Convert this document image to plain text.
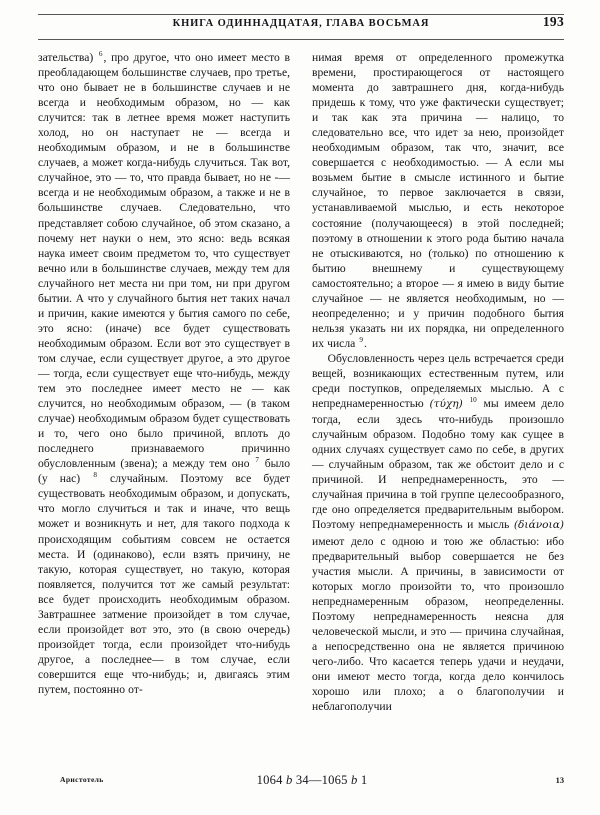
КНИГА ОДИННАДЦАТАЯ, ГЛАВА ВОСЬМАЯ	193

зательства) $^6$, про другое, что оно имеет место в преобладающем большинстве случаев, про третье, что оно бывает не в большинстве случаев и не всегда и необходимым образом, но — как случится: так в летнее время может наступить холод, но он наступает не — всегда и необходимым образом, и не в большинстве случаев, а может когда-нибудь случиться. Так вот, случайное, это — то, что правда бывает, но не -— всегда и не необходимым образом, а также и не в большинстве случаев. Следовательно, что представляет собою случайное, об этом сказано, а почему нет науки о нем, это ясно: ведь всякая наука имеет своим предметом то, что существует вечно или в большинстве случаев, между тем для случайного нет места ни при том, ни при другом бытии. А что у случайного бытия нет таких начал и причин, какие имеются у бытия самого по себе, это ясно: (иначе) все будет существовать необходимым образом. Если вот это существует в том случае, если существует другое, а это другое — тогда, если существует еще что-нибудь, между тем это последнее имеет место не — как случится, но необходимым образом, — (в таком случае) необходимым образом будет существовать и то, чего оно было причиной, вплоть до последнего признаваемого причинно обусловленным (звена); а между тем оно $^7$ было (у нас) $^8$ случайным. Поэтому все будет существовать необходимым образом, и допускать, что могло случиться и так и иначе, что вещь может и возникнуть и нет, для такого подхода к происходящим событиям совсем не остается места. И (одинаково), если взять причину, не такую, которая существует, но такую, которая появляется, получится тот же самый результат: все будет происходить необходимым образом. Завтрашнее затмение произойдет в том случае, если произойдет вот это, это (в свою очередь) произойдет тогда, если произойдет что-нибудь другое, а последнее— в том случае, если совершится еще что-нибудь; и, двигаясь этим путем, постоянно от-

нимая время от определенного промежутка времени, простирающегося от настоящего момента до завтрашнего дня, когда-нибудь придешь к тому, что уже фактически существует; и так как эта причина — налицо, то следовательно все, что идет за нею, произойдет необходимым образом, так что, значит, все совершается с необходимостью. — А если мы возьмем бытие в смысле истинного и бытие случайное, то первое заключается в связи, устанавливаемой мыслью, и есть некоторое состояние (получающееся) в этой последней; поэтому в отношении к этого рода бытию начала не отыскиваются, но (только) по отношению к бытию внешнему и существующему самостоятельно; а второе — я имею в виду бытие случайное — не является необходимым, но — неопределенно; и у причин подобного бытия нельзя указать ни их порядка, ни определенного их числа $^9$.

Обусловленность через цель встречается среди вещей, возникающих естественным путем, или среди поступков, определяемых мыслью. А с непреднамеренностью (τύχη) $^{10}$ мы имеем дело тогда, если здесь что-нибудь произошло случайным образом. Подобно тому как сущее в одних случаях существует само по себе, в других — случайным образом, так же обстоит дело и с причиной. И непреднамеренность, это — случайная причина в той группе целесообразного, где оно определяется предварительным выбором. Поэтому непреднамеренность и мысль (διάνοια) имеют дело с одною и тою же областью: ибо предварительный выбор совершается не без участия мысли. А причины, в зависимости от которых могло произойти то, что произошло непреднамеренным образом, неопределенны. Поэтому непреднамеренность неясна для человеческой мысли, и это — причина случайная, а непосредственно она не является причиною чего-либо. Что касается теперь удачи и неудачи, они имеют место тогда, когда дело кончилось хорошо или плохо; а о благополучии и неблагополучии

Аристотель	1064 b 34—1065 b 1	13
